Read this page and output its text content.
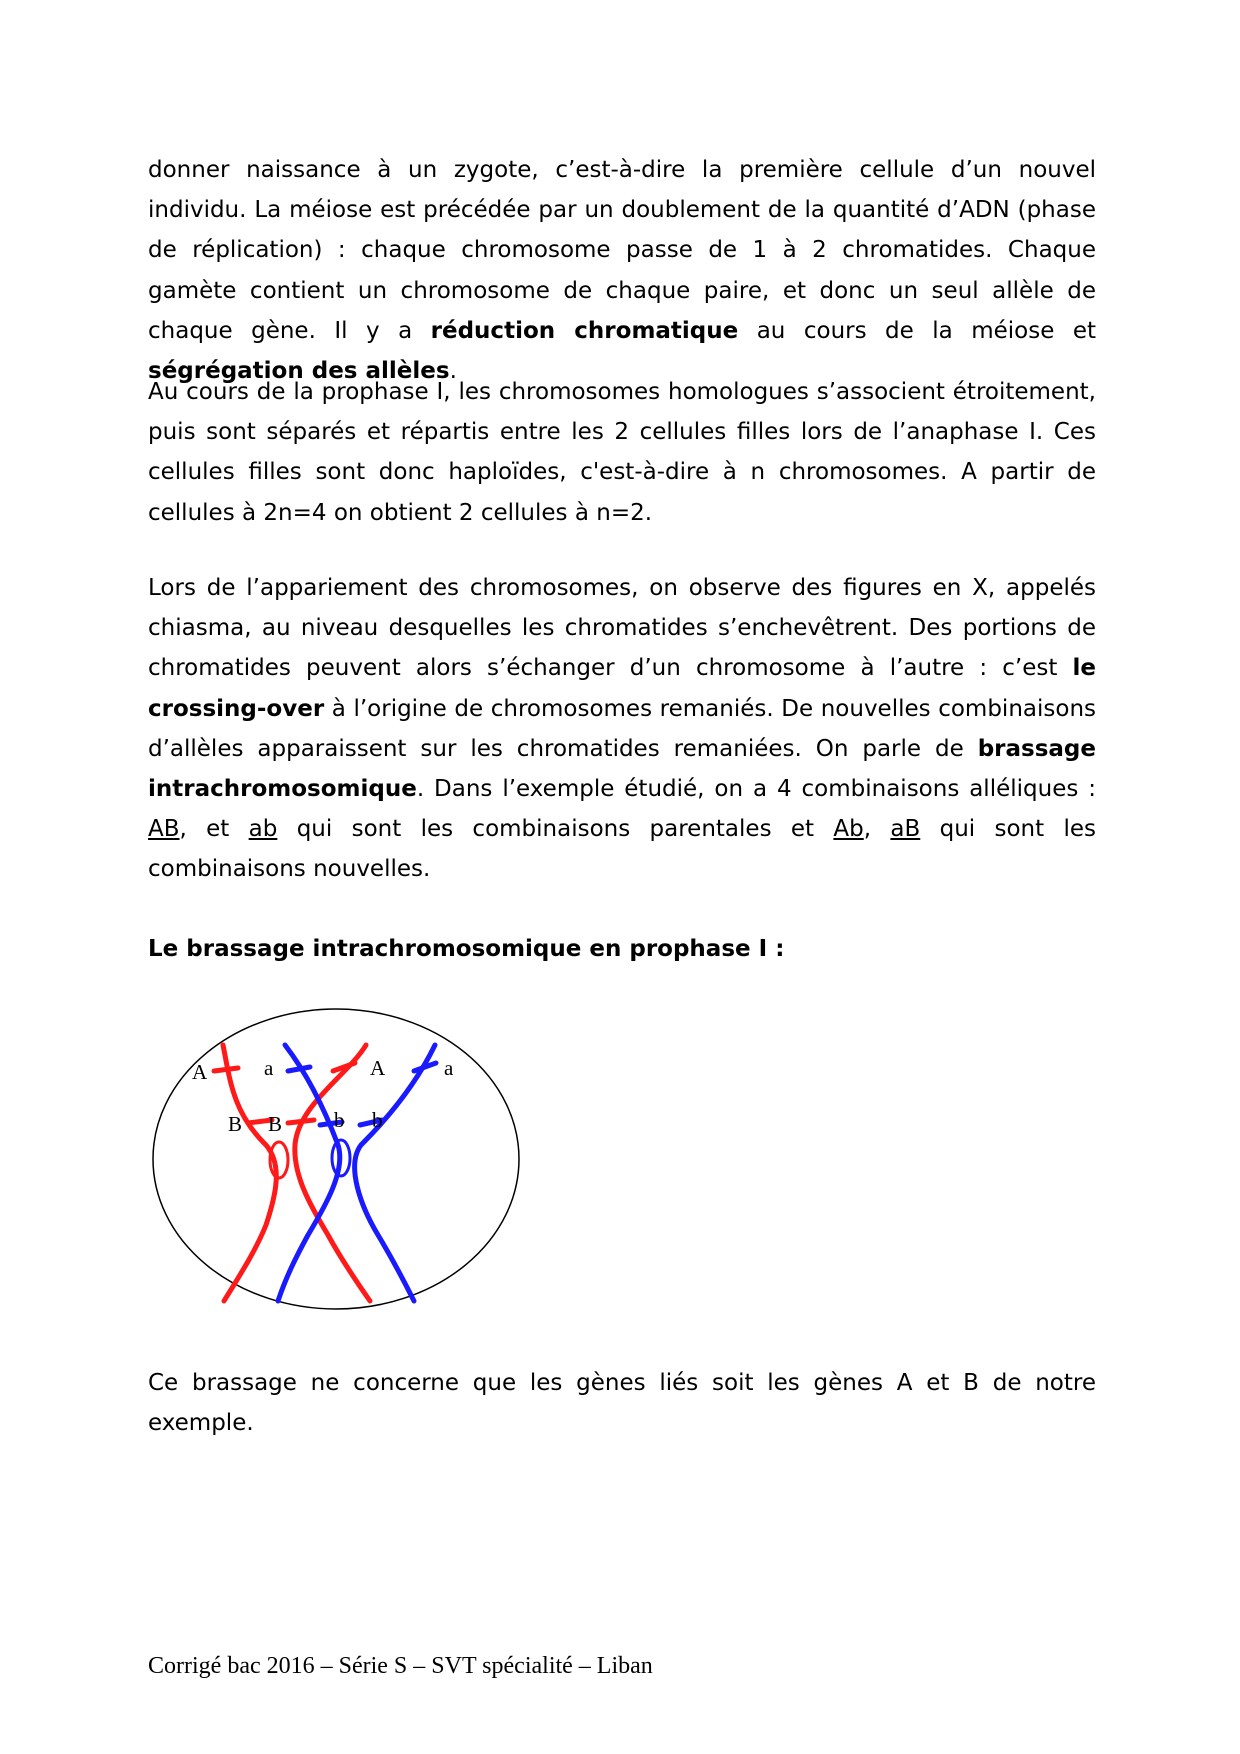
donner naissance à un zygote, c’est-à-dire la première cellule d’un nouvel individu. La méiose est précédée par un doublement de la quantité d’ADN (phase de réplication) : chaque chromosome passe de 1 à 2 chromatides. Chaque gamète contient un chromosome de chaque paire, et donc un seul allèle de chaque gène. Il y a réduction chromatique au cours de la méiose et ségrégation des allèles.

Au cours de la prophase I, les chromosomes homologues s’associent étroitement, puis sont séparés et répartis entre les 2 cellules filles lors de l’anaphase I. Ces cellules filles sont donc haploïdes, c'est-à-dire à n chromosomes. A partir de cellules à 2n=4 on obtient 2 cellules à n=2.

Lors de l’appariement des chromosomes, on observe des figures en X, appelés chiasma, au niveau desquelles les chromatides s’enchevêtrent. Des portions de chromatides peuvent alors s’échanger d’un chromosome à l’autre : c’est le crossing-over à l’origine de chromosomes remaniés. De nouvelles combinaisons d’allèles apparaissent sur les chromatides remaniées. On parle de brassage intrachromosomique. Dans l’exemple étudié, on a 4 combinaisons alléliques : AB, et ab qui sont les combinaisons parentales et Ab, aB qui sont les combinaisons nouvelles.

Le brassage intrachromosomique en prophase I :

A	a	A	a
B B b b

Ce brassage ne concerne que les gènes liés soit les gènes A et B de notre exemple.

Corrigé bac 2016 – Série S – SVT spécialité – Liban
